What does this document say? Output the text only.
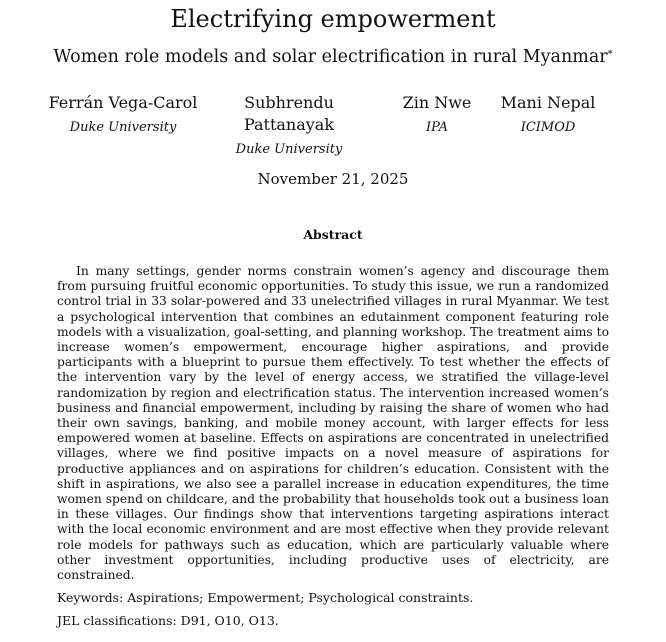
Electrifying empowerment
Women role models and solar electrification in rural Myanmar*
Ferrán Vega-Carol
Duke University
Subhrendu Pattanayak
Duke University
Zin Nwe
IPA
Mani Nepal
ICIMOD
November 21, 2025
Abstract

In many settings, gender norms constrain women’s agency and discourage them from pursuing fruitful economic opportunities. To study this issue, we run a randomized control trial in 33 solar-powered and 33 unelectrified villages in rural Myanmar. We test a psychological intervention that combines an edutainment component featuring role models with a visualization, goal-setting, and planning workshop. The treatment aims to increase women’s empowerment, encourage higher aspirations, and provide participants with a blueprint to pursue them effectively. To test whether the effects of the intervention vary by the level of energy access, we stratified the village-level randomization by region and electrification status. The intervention increased women’s business and financial empowerment, including by raising the share of women who had their own savings, banking, and mobile money account, with larger effects for less empowered women at baseline. Effects on aspirations are concentrated in unelectrified villages, where we find positive impacts on a novel measure of aspirations for productive appliances and on aspirations for children’s education. Consistent with the shift in aspirations, we also see a parallel increase in education expenditures, the time women spend on childcare, and the probability that households took out a business loan in these villages. Our findings show that interventions targeting aspirations interact with the local economic environment and are most effective when they provide relevant role models for pathways such as education, which are particularly valuable where other investment opportunities, including productive uses of electricity, are constrained.

Keywords: Aspirations; Empowerment; Psychological constraints.
JEL classifications: D91, O10, O13.
